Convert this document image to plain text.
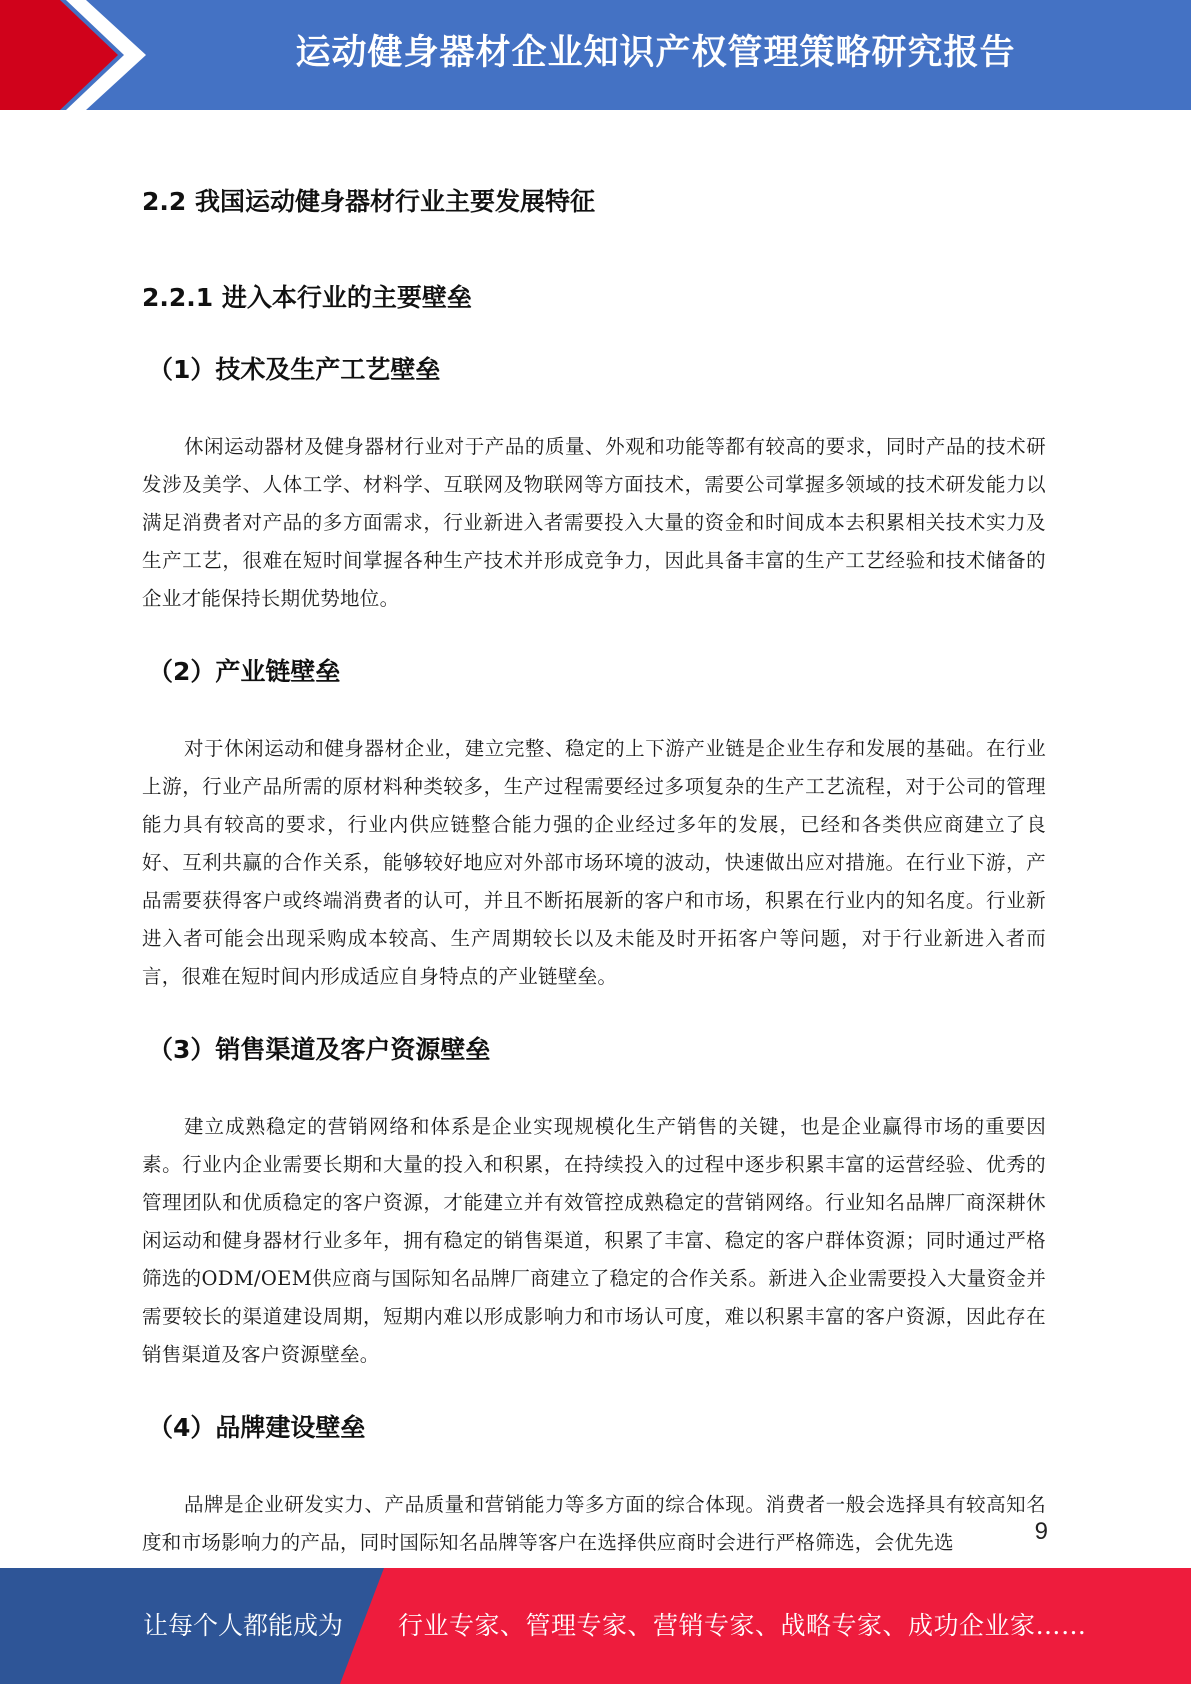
运动健身器材企业知识产权管理策略研究报告
2.2 我国运动健身器材行业主要发展特征
2.2.1 进入本行业的主要壁垒
（1）技术及生产工艺壁垒

休闲运动器材及健身器材行业对于产品的质量、外观和功能等都有较高的要求，同时产品的技术研发涉及美学、人体工学、材料学、互联网及物联网等方面技术，需要公司掌握多领域的技术研发能力以满足消费者对产品的多方面需求，行业新进入者需要投入大量的资金和时间成本去积累相关技术实力及生产工艺，很难在短时间掌握各种生产技术并形成竞争力，因此具备丰富的生产工艺经验和技术储备的企业才能保持长期优势地位。

（2）产业链壁垒

对于休闲运动和健身器材企业，建立完整、稳定的上下游产业链是企业生存和发展的基础。在行业上游，行业产品所需的原材料种类较多，生产过程需要经过多项复杂的生产工艺流程，对于公司的管理能力具有较高的要求，行业内供应链整合能力强的企业经过多年的发展，已经和各类供应商建立了良好、互利共赢的合作关系，能够较好地应对外部市场环境的波动，快速做出应对措施。在行业下游，产品需要获得客户或终端消费者的认可，并且不断拓展新的客户和市场，积累在行业内的知名度。行业新进入者可能会出现采购成本较高、生产周期较长以及未能及时开拓客户等问题，对于行业新进入者而言，很难在短时间内形成适应自身特点的产业链壁垒。

（3）销售渠道及客户资源壁垒

建立成熟稳定的营销网络和体系是企业实现规模化生产销售的关键，也是企业赢得市场的重要因素。行业内企业需要长期和大量的投入和积累，在持续投入的过程中逐步积累丰富的运营经验、优秀的管理团队和优质稳定的客户资源，才能建立并有效管控成熟稳定的营销网络。行业知名品牌厂商深耕休闲运动和健身器材行业多年，拥有稳定的销售渠道，积累了丰富、稳定的客户群体资源；同时通过严格筛选的ODM/OEM供应商与国际知名品牌厂商建立了稳定的合作关系。新进入企业需要投入大量资金并需要较长的渠道建设周期，短期内难以形成影响力和市场认可度，难以积累丰富的客户资源，因此存在销售渠道及客户资源壁垒。

（4）品牌建设壁垒

品牌是企业研发实力、产品质量和营销能力等多方面的综合体现。消费者一般会选择具有较高知名度和市场影响力的产品，同时国际知名品牌等客户在选择供应商时会进行严格筛选，会优先选	9
让每个人都能成为 行业专家、管理专家、营销专家、战略专家、成功企业家……
